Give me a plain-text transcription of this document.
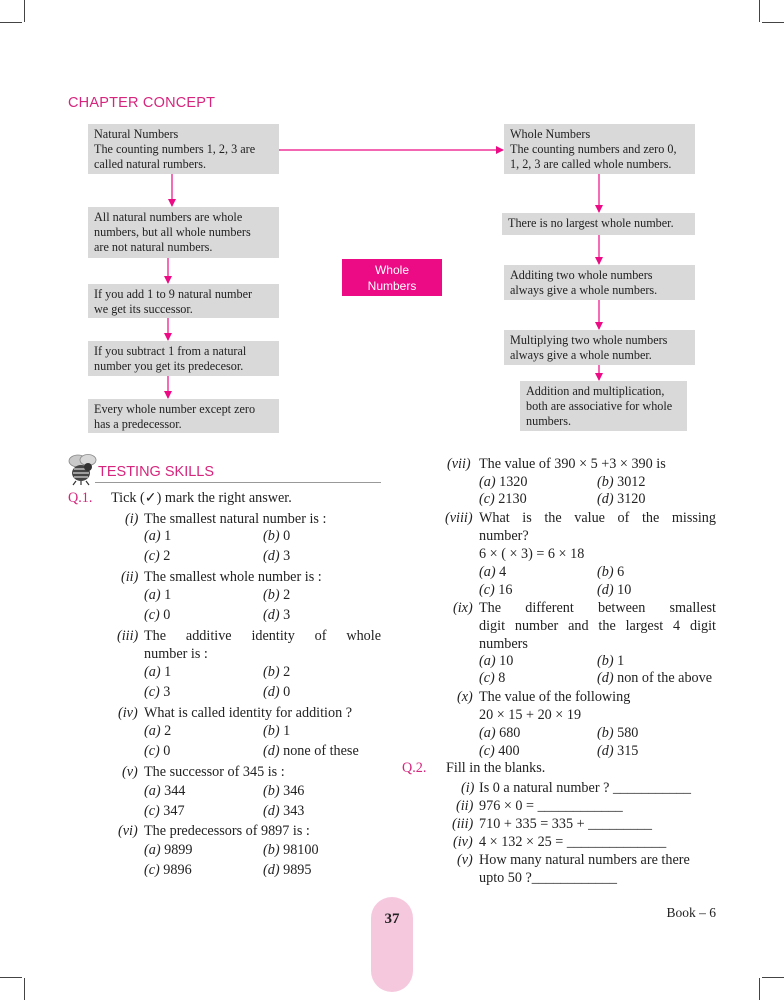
CHAPTER CONCEPT
Natural Numbers
The counting numbers 1, 2, 3 are
called natural rumbers.
All natural numbers are whole
numbers, but all whole numbers
are not natural numbers.
If you add 1 to 9 natural number
we get its successor.
If you subtract 1 from a natural
number you get its predecesor.
Every whole number except zero
has a predecessor.
Whole
Numbers
Whole Numbers
The counting numbers and zero 0,
1, 2, 3 are called whole numbers.
There is no largest whole number.
Additing two whole numbers
always give a whole numbers.
Multiplying two whole numbers
always give a whole number.
Addition and multiplication,
both are associative for whole
numbers.
TESTING SKILLS
Q.1. Tick (✓) mark the right answer.
(i) The smallest natural number is :
(a) 1	(b) 0
(c) 2	(d) 3
(ii) The smallest whole number is :
(a) 1	(b) 2
(c) 0	(d) 3
(iii) The additive identity of whole
number is :
(a) 1	(b) 2
(c) 3	(d) 0
(iv) What is called identity for addition ?
(a) 2	(b) 1
(c) 0	(d) none of these
(v) The successor of 345 is :
(a) 344	(b) 346
(c) 347	(d) 343
(vi) The predecessors of 9897 is :
(a) 9899	(b) 98100
(c) 9896	(d) 9895
(vii) The value of 390 × 5 +3 × 390 is
(a) 1320	(b) 3012
(c) 2130	(d) 3120
(viii) What is the value of the missing
number?
6 × ( × 3) = 6 × 18
(a) 4	(b) 6
(c) 16	(d) 10
(ix) The different between smallest
digit number and the largest 4 digit
numbers
(a) 10	(b) 1
(c) 8	(d) non of the above
(x) The value of the following
20 × 15 + 20 × 19
(a) 680	(b) 580
(c) 400	(d) 315
Q.2. Fill in the blanks.
(i) Is 0 a natural number ? ___________
(ii) 976 × 0 = ____________
(iii) 710 + 335 = 335 + _________
(iv) 4 × 132 × 25 = ______________
(v) How many natural numbers are there
upto 50 ?____________
37	Book – 6
